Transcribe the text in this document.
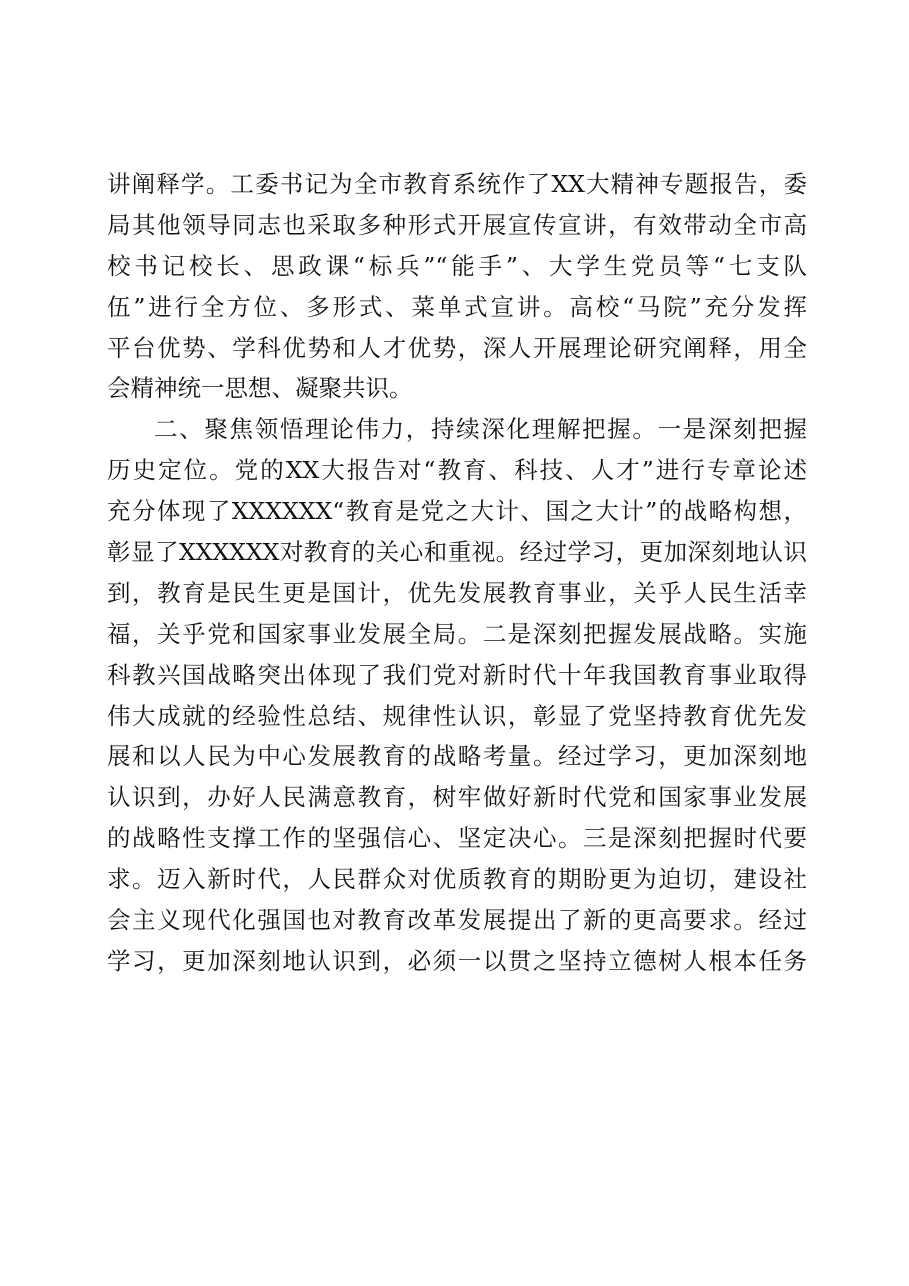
讲阐释学。工委书记为全市教育系统作了XX大精神专题报告，委
局其他领导同志也采取多种形式开展宣传宣讲，有效带动全市高
校书记校长、思政课“标兵”“能手”、大学生党员等“七支队
伍”进行全方位、多形式、菜单式宣讲。高校“马院”充分发挥
平台优势、学科优势和人才优势，深人开展理论研究阐释，用全
会精神统一思想、凝聚共识。
二、聚焦领悟理论伟力，持续深化理解把握。一是深刻把握
历史定位。党的XX大报告对“教育、科技、人才”进行专章论述
充分体现了XXXXXX“教育是党之大计、国之大计”的战略构想，
彰显了XXXXXX对教育的关心和重视。经过学习，更加深刻地认识
到，教育是民生更是国计，优先发展教育事业，关乎人民生活幸
福，关乎党和国家事业发展全局。二是深刻把握发展战略。实施
科教兴国战略突出体现了我们党对新时代十年我国教育事业取得
伟大成就的经验性总结、规律性认识，彰显了党坚持教育优先发
展和以人民为中心发展教育的战略考量。经过学习，更加深刻地
认识到，办好人民满意教育，树牢做好新时代党和国家事业发展
的战略性支撑工作的坚强信心、坚定决心。三是深刻把握时代要
求。迈入新时代，人民群众对优质教育的期盼更为迫切，建设社
会主义现代化强国也对教育改革发展提出了新的更高要求。经过
学习，更加深刻地认识到，必须一以贯之坚持立德树人根本任务
